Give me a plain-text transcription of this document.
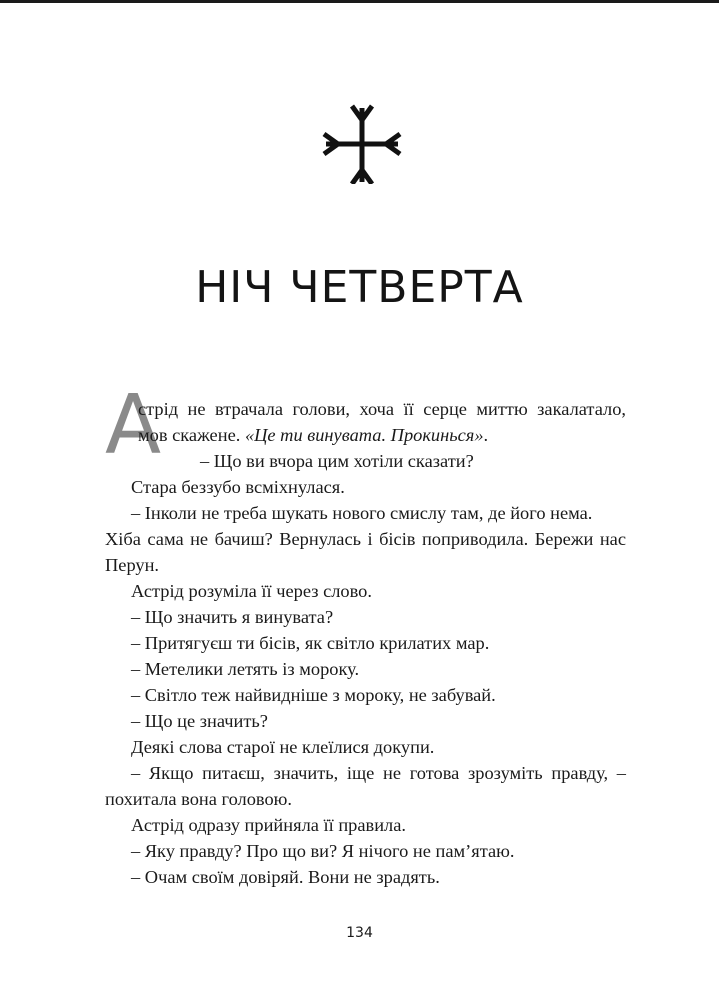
НІЧ ЧЕТВЕРТА
А
стрід не втрачала голови, хоча її серце миттю закалатало,
мов скажене. «Це ти винувата. Прокинься».
– Що ви вчора цим хотіли сказати?
Стара беззубо всміхнулася.
– Інколи не треба шукать нового смислу там, де його нема.
Хіба сама не бачиш? Вернулась і бісів поприводила. Бережи нас
Перун.
Астрід розуміла її через слово.
– Що значить я винувата?
– Притягуєш ти бісів, як світло крилатих мар.
– Метелики летять із мороку.
– Світло теж найвидніше з мороку, не забувай.
– Що це значить?
Деякі слова старої не клеїлися докупи.
– Якщо питаєш, значить, іще не готова зрозуміть правду, –
похитала вона головою.
Астрід одразу прийняла її правила.
– Яку правду? Про що ви? Я нічого не пам’ятаю.
– Очам своїм довіряй. Вони не зрадять.
134
